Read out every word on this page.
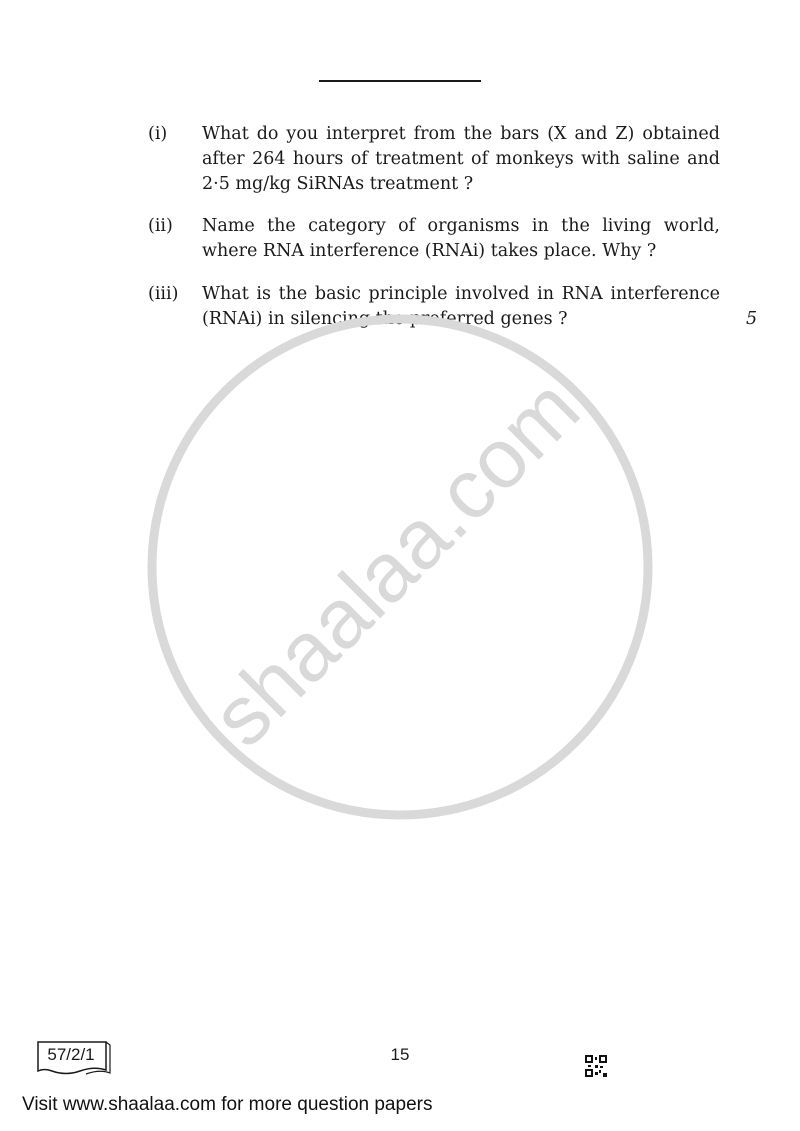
(i)	What do you interpret from the bars (X and Z) obtained after 264 hours of treatment of monkeys with saline and 2·5 mg/kg SiRNAs treatment ?
(ii)	Name the category of organisms in the living world, where RNA interference (RNAi) takes place. Why ?
(iii)	What is the basic principle involved in RNA interference (RNAi) in silencing the preferred genes ?	5
shaalaa.com
57/2/1	15
Visit www.shaalaa.com for more question papers
